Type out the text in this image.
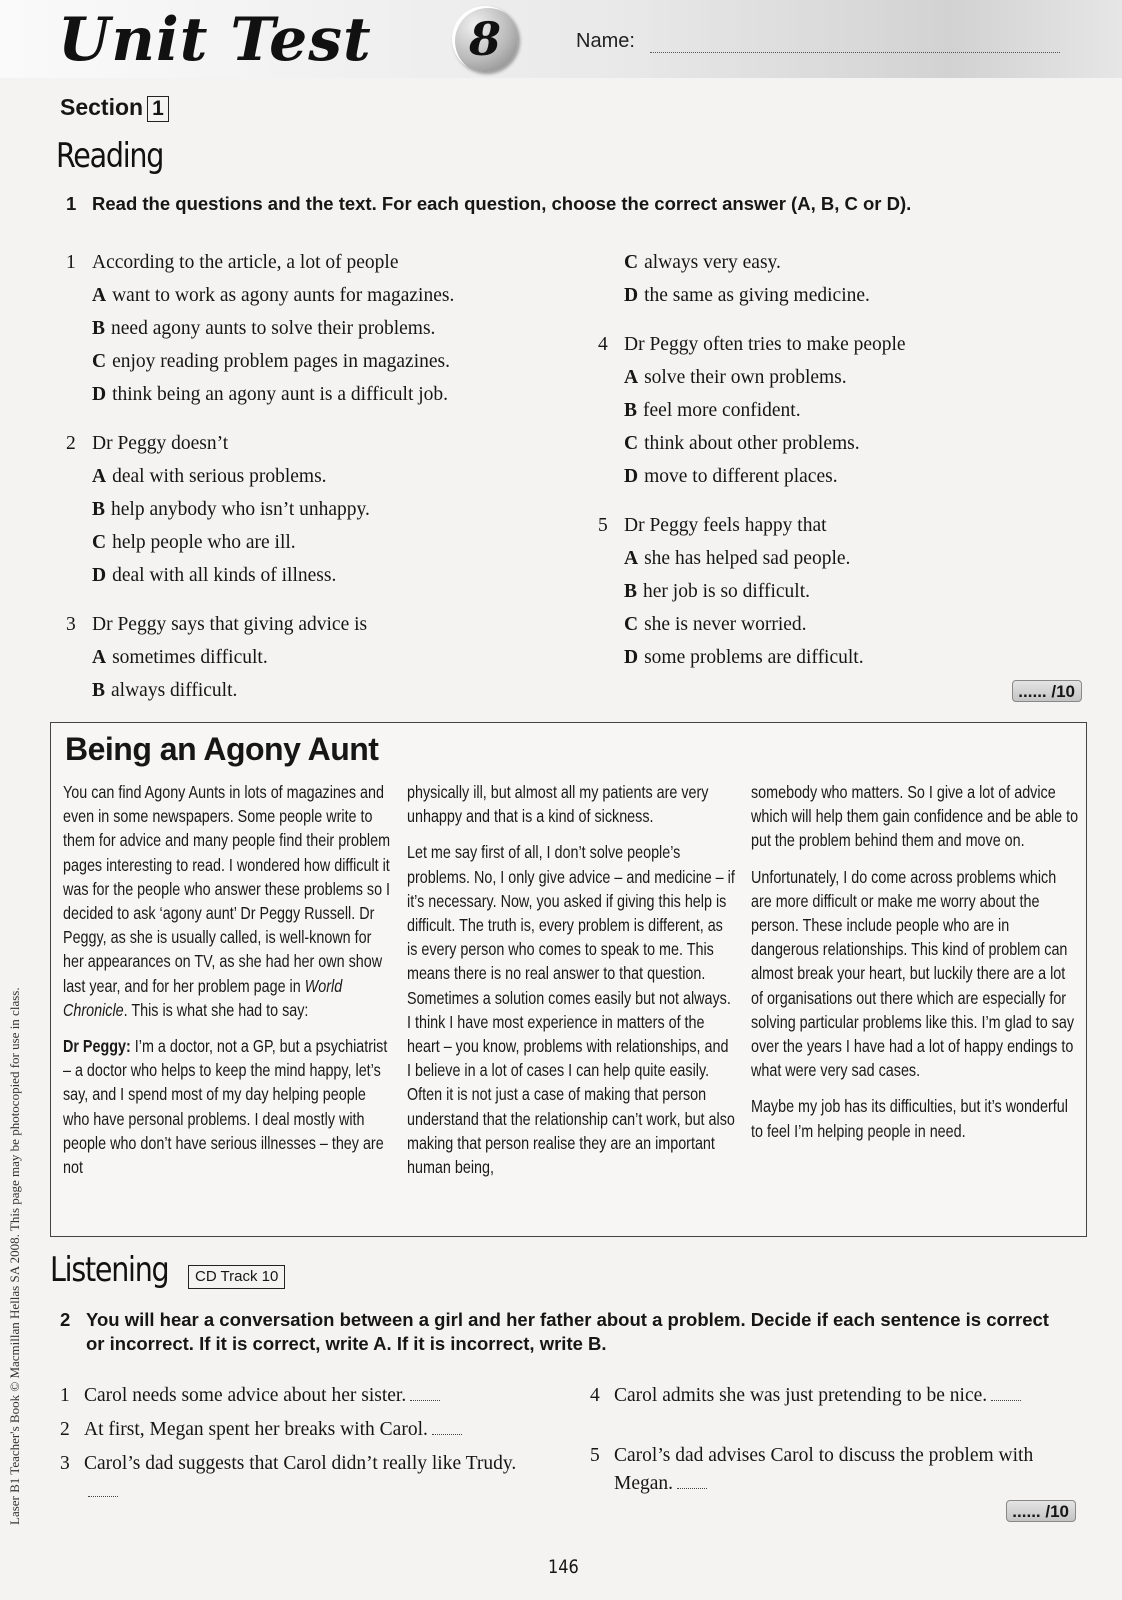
Unit Test	8	Name:
Laser B1 Teacher's Book © Macmillan Hellas SA 2008. This page may be photocopied for use in class.
Section 1
Reading
1 Read the questions and the text. For each question, choose the correct answer (A, B, C or D).
1 According to the article, a lot of people
A want to work as agony aunts for magazines.
B need agony aunts to solve their problems.
C enjoy reading problem pages in magazines.
D think being an agony aunt is a difficult job.
2 Dr Peggy doesn’t
A deal with serious problems.
B help anybody who isn’t unhappy.
C help people who are ill.
D deal with all kinds of illness.
3 Dr Peggy says that giving advice is
A sometimes difficult.
B always difficult.
C always very easy.
D the same as giving medicine.
4 Dr Peggy often tries to make people
A solve their own problems.
B feel more confident.
C think about other problems.
D move to different places.
5 Dr Peggy feels happy that
A she has helped sad people.
B her job is so difficult.
C she is never worried.
D some problems are difficult.
...... /10
Being an Agony Aunt

You can find Agony Aunts in lots of magazines and even in some newspapers. Some people write to them for advice and many people find their problem pages interesting to read. I wondered how difficult it was for the people who answer these problems so I decided to ask ‘agony aunt’ Dr Peggy Russell. Dr Peggy, as she is usually called, is well-known for her appearances on TV, as she had her own show last year, and for her problem page in World Chronicle. This is what she had to say:

Dr Peggy: I’m a doctor, not a GP, but a psychiatrist – a doctor who helps to keep the mind happy, let’s say, and I spend most of my day helping people who have personal problems. I deal mostly with people who don’t have serious illnesses – they are not

physically ill, but almost all my patients are very unhappy and that is a kind of sickness.

Let me say first of all, I don’t solve people’s problems. No, I only give advice – and medicine – if it’s necessary. Now, you asked if giving this help is difficult. The truth is, every problem is different, as is every person who comes to speak to me. This means there is no real answer to that question. Sometimes a solution comes easily but not always. I think I have most experience in matters of the heart – you know, problems with relationships, and I believe in a lot of cases I can help quite easily. Often it is not just a case of making that person understand that the relationship can’t work, but also making that person realise they are an important human being,

somebody who matters. So I give a lot of advice which will help them gain confidence and be able to put the problem behind them and move on.

Unfortunately, I do come across problems which are more difficult or make me worry about the person. These include people who are in dangerous relationships. This kind of problem can almost break your heart, but luckily there are a lot of organisations out there which are especially for solving particular problems like this. I’m glad to say over the years I have had a lot of happy endings to what were very sad cases.

Maybe my job has its difficulties, but it’s wonderful to feel I’m helping people in need.

Listening	CD Track 10
2 You will hear a conversation between a girl and her father about a problem. Decide if each sentence is correct or incorrect. If it is correct, write A. If it is incorrect, write B.
1 Carol needs some advice about her sister.
2 At first, Megan spent her breaks with Carol.
3 Carol’s dad suggests that Carol didn’t really like Trudy.
4 Carol admits she was just pretending to be nice.
5 Carol’s dad advises Carol to discuss the problem with Megan.
...... /10
146
